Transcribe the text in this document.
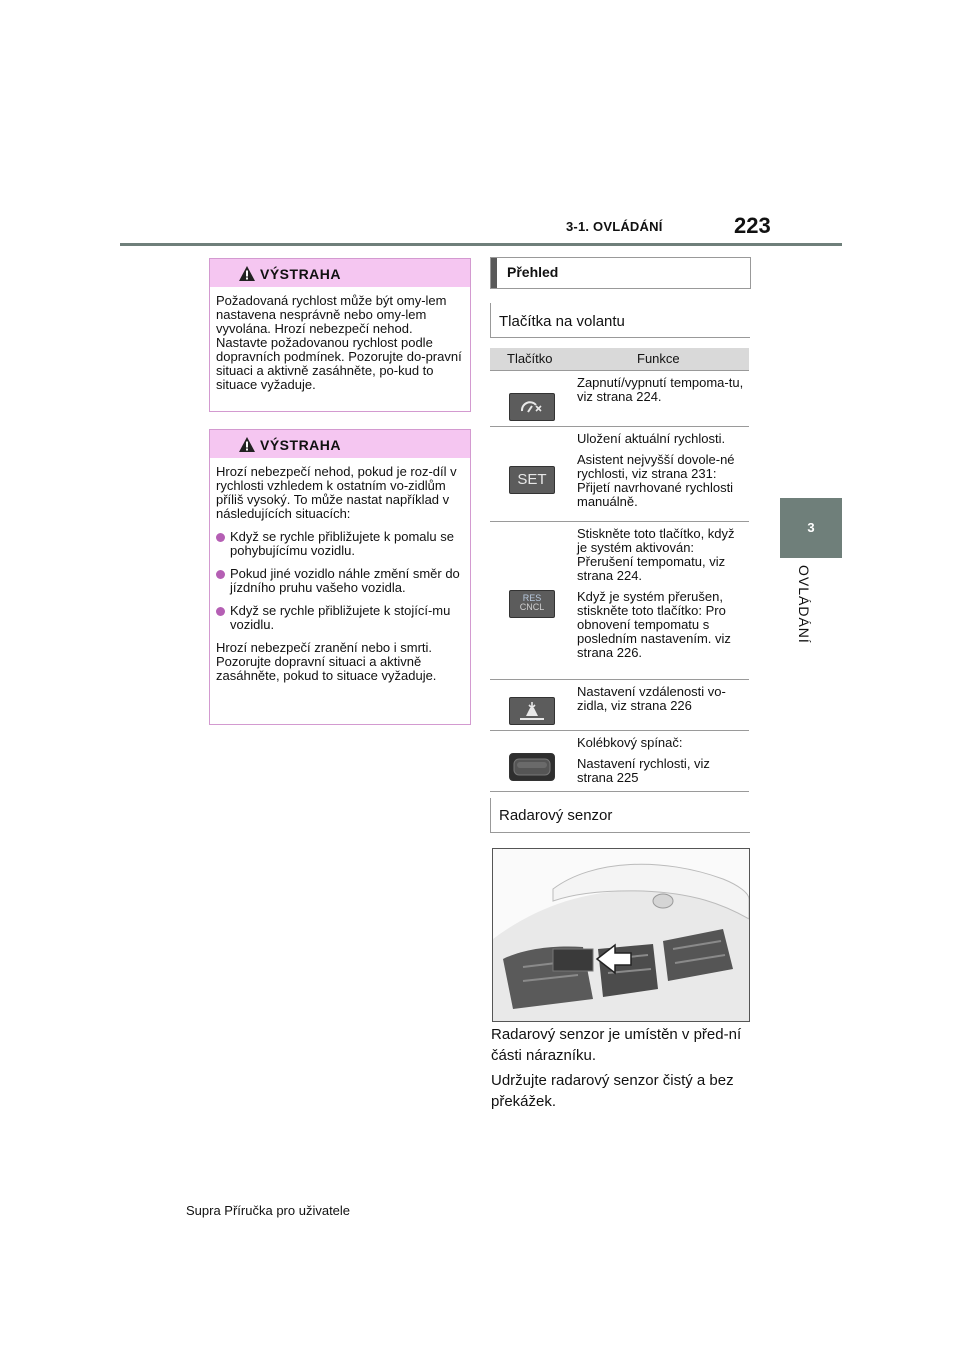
3-1. OVLÁDÁNÍ	223
3
OVLÁDÁNÍ
VÝSTRAHA

Požadovaná rychlost může být omy-lem nastavena nesprávně nebo omy-lem vyvolána. Hrozí nebezpečí nehod. Nastavte požadovanou rychlost podle dopravních podmínek. Pozorujte do-pravní situaci a aktivně zasáhněte, po-kud to situace vyžaduje.

VÝSTRAHA

Hrozí nebezpečí nehod, pokud je roz-díl v rychlosti vzhledem k ostatním vo-zidlům příliš vysoký. To může nastat například v následujících situacích:

Když se rychle přibližujete k pomalu se pohybujícímu vozidlu.
Pokud jiné vozidlo náhle změní směr do jízdního pruhu vašeho vozidla.
Když se rychle přibližujete k stojící-mu vozidlu.

Hrozí nebezpečí zranění nebo i smrti. Pozorujte dopravní situaci a aktivně zasáhněte, pokud to situace vyžaduje.

Přehled
Tlačítka na volantu
Tlačítko	Funkce

Zapnutí/vypnutí tempoma-tu, viz strana 224.

SET

Uložení aktuální rychlosti.

Asistent nejvyšší dovole-né rychlosti, viz strana 231: Přijetí navrhované rychlosti manuálně.

RES
CNCL

Stiskněte toto tlačítko, když je systém aktivován: Přerušení tempomatu, viz strana 224.

Když je systém přerušen, stiskněte toto tlačítko: Pro obnovení tempomatu s posledním nastavením. viz strana 226.

Nastavení vzdálenosti vo-zidla, viz strana 226

Kolébkový spínač:

Nastavení rychlosti, viz strana 225

Radarový senzor

Radarový senzor je umístěn v před-ní části nárazníku.

Udržujte radarový senzor čistý a bez překážek.

Supra Příručka pro uživatele
